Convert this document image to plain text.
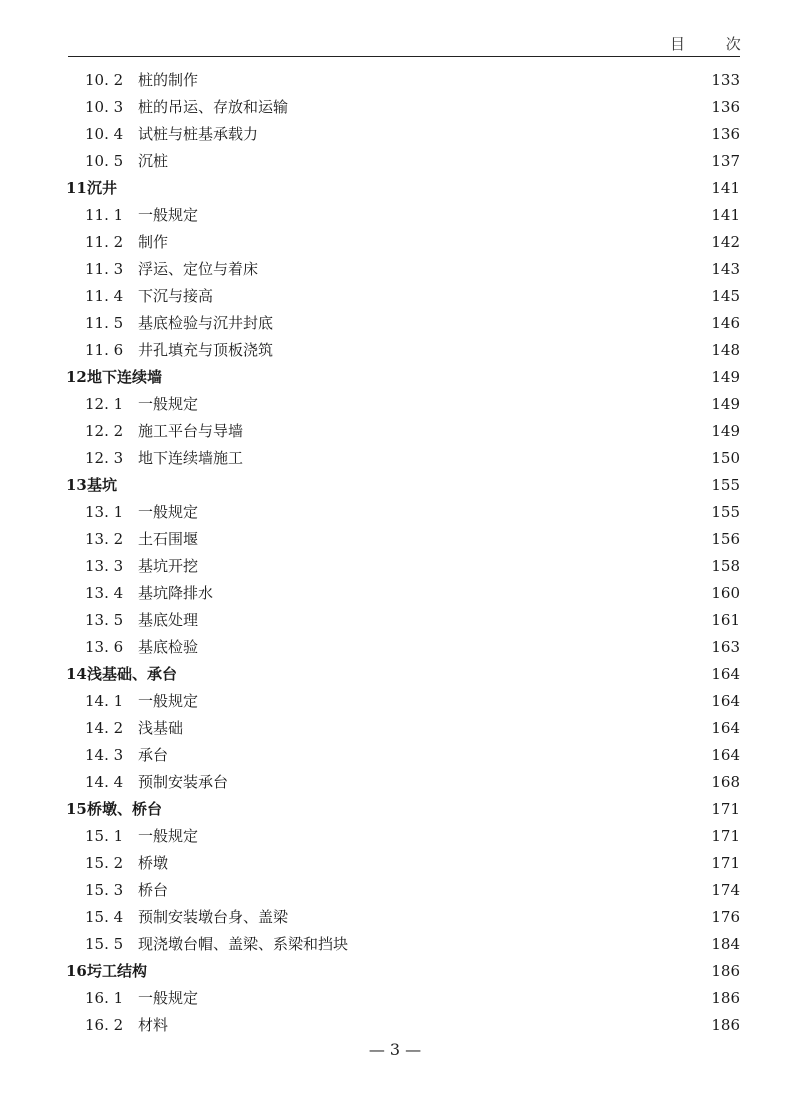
目 次
10. 2 桩的制作	133
10. 3 桩的吊运、存放和运输	136
10. 4 试桩与桩基承载力	136
10. 5 沉桩	137
11 沉井	141
11. 1 一般规定	141
11. 2 制作	142
11. 3 浮运、定位与着床	143
11. 4 下沉与接高	145
11. 5 基底检验与沉井封底	146
11. 6 井孔填充与顶板浇筑	148
12 地下连续墙	149
12. 1 一般规定	149
12. 2 施工平台与导墙	149
12. 3 地下连续墙施工	150
13 基坑	155
13. 1 一般规定	155
13. 2 土石围堰	156
13. 3 基坑开挖	158
13. 4 基坑降排水	160
13. 5 基底处理	161
13. 6 基底检验	163
14 浅基础、承台	164
14. 1 一般规定	164
14. 2 浅基础	164
14. 3 承台	164
14. 4 预制安装承台	168
15 桥墩、桥台	171
15. 1 一般规定	171
15. 2 桥墩	171
15. 3 桥台	174
15. 4 预制安装墩台身、盖梁	176
15. 5 现浇墩台帽、盖梁、系梁和挡块	184
16 圬工结构	186
16. 1 一般规定	186
16. 2 材料	186
— 3 —
